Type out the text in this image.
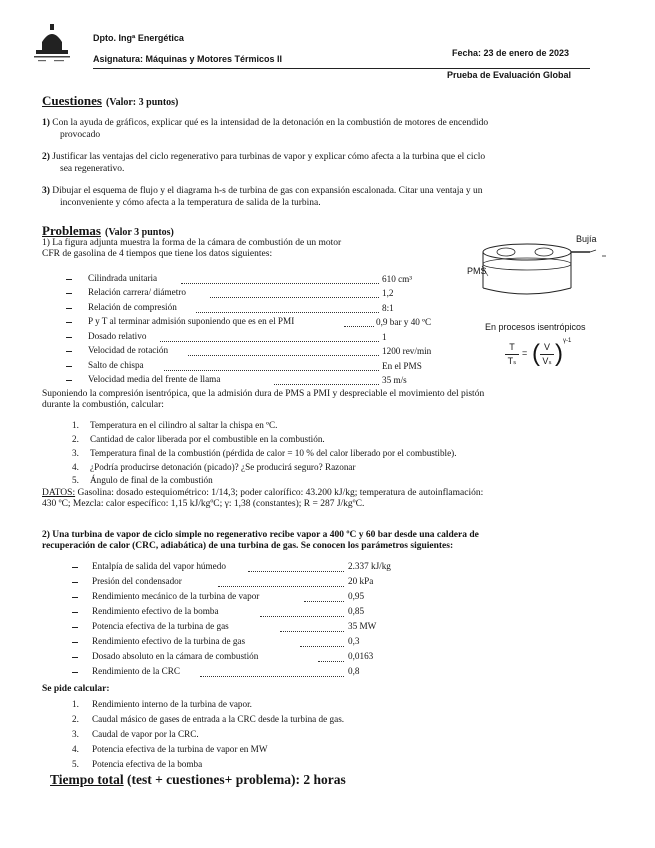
Dpto. Ingª Energética
Asignatura: Máquinas y Motores Térmicos II
Fecha: 23 de enero de 2023
Prueba de Evaluación Global
Cuestiones (Valor: 3 puntos)
1) Con la ayuda de gráficos, explicar qué es la intensidad de la detonación en la combustión de motores de encendido
provocado
2) Justificar las ventajas del ciclo regenerativo para turbinas de vapor y explicar cómo afecta a la turbina que el ciclo
sea regenerativo.
3) Dibujar el esquema de flujo y el diagrama h-s de turbina de gas con expansión escalonada. Citar una ventaja y un
inconveniente y cómo afecta a la temperatura de salida de la turbina.
Problemas (Valor 3 puntos)
1) La figura adjunta muestra la forma de la cámara de combustión de un motor
CFR de gasolina de 4 tiempos que tiene los datos siguientes:
Cilindrada unitaria	610 cm³
Relación carrera/ diámetro	1,2
Relación de compresión	8:1
P y T al terminar admisión suponiendo que es en el PMI	0,9 bar y 40 ºC
Dosado relativo	1
Velocidad de rotación	1200 rev/min
Salto de chispa	En el PMS
Velocidad media del frente de llama	35 m/s
Bujía
PMS
En procesos isentrópicos
T
Tₛ
= ( V
Vₛ ) γ-1
Suponiendo la compresión isentrópica, que la admisión dura de PMS a PMI y despreciable el movimiento del pistón
durante la combustión, calcular:
1. Temperatura en el cilindro al saltar la chispa en ºC.
2. Cantidad de calor liberada por el combustible en la combustión.
3. Temperatura final de la combustión (pérdida de calor = 10 % del calor liberado por el combustible).
4. ¿Podría producirse detonación (picado)? ¿Se producirá seguro? Razonar
5. Ángulo de final de la combustión
DATOS: Gasolina: dosado estequiométrico: 1/14,3; poder calorífico: 43.200 kJ/kg; temperatura de autoinflamación:
430 ºC; Mezcla: calor específico: 1,15 kJ/kgºC; γ: 1,38 (constantes); R = 287 J/kgºC.
2) Una turbina de vapor de ciclo simple no regenerativo recibe vapor a 400 ºC y 60 bar desde una caldera de
recuperación de calor (CRC, adiabática) de una turbina de gas. Se conocen los parámetros siguientes:
Entalpía de salida del vapor húmedo	2.337 kJ/kg
Presión del condensador	20 kPa
Rendimiento mecánico de la turbina de vapor	0,95
Rendimiento efectivo de la bomba	0,85
Potencia efectiva de la turbina de gas	35 MW
Rendimiento efectivo de la turbina de gas	0,3
Dosado absoluto en la cámara de combustión	0,0163
Rendimiento de la CRC	0,8
Se pide calcular:
1. Rendimiento interno de la turbina de vapor.
2. Caudal másico de gases de entrada a la CRC desde la turbina de gas.
3. Caudal de vapor por la CRC.
4. Potencia efectiva de la turbina de vapor en MW
5. Potencia efectiva de la bomba
Tiempo total (test + cuestiones+ problema): 2 horas
